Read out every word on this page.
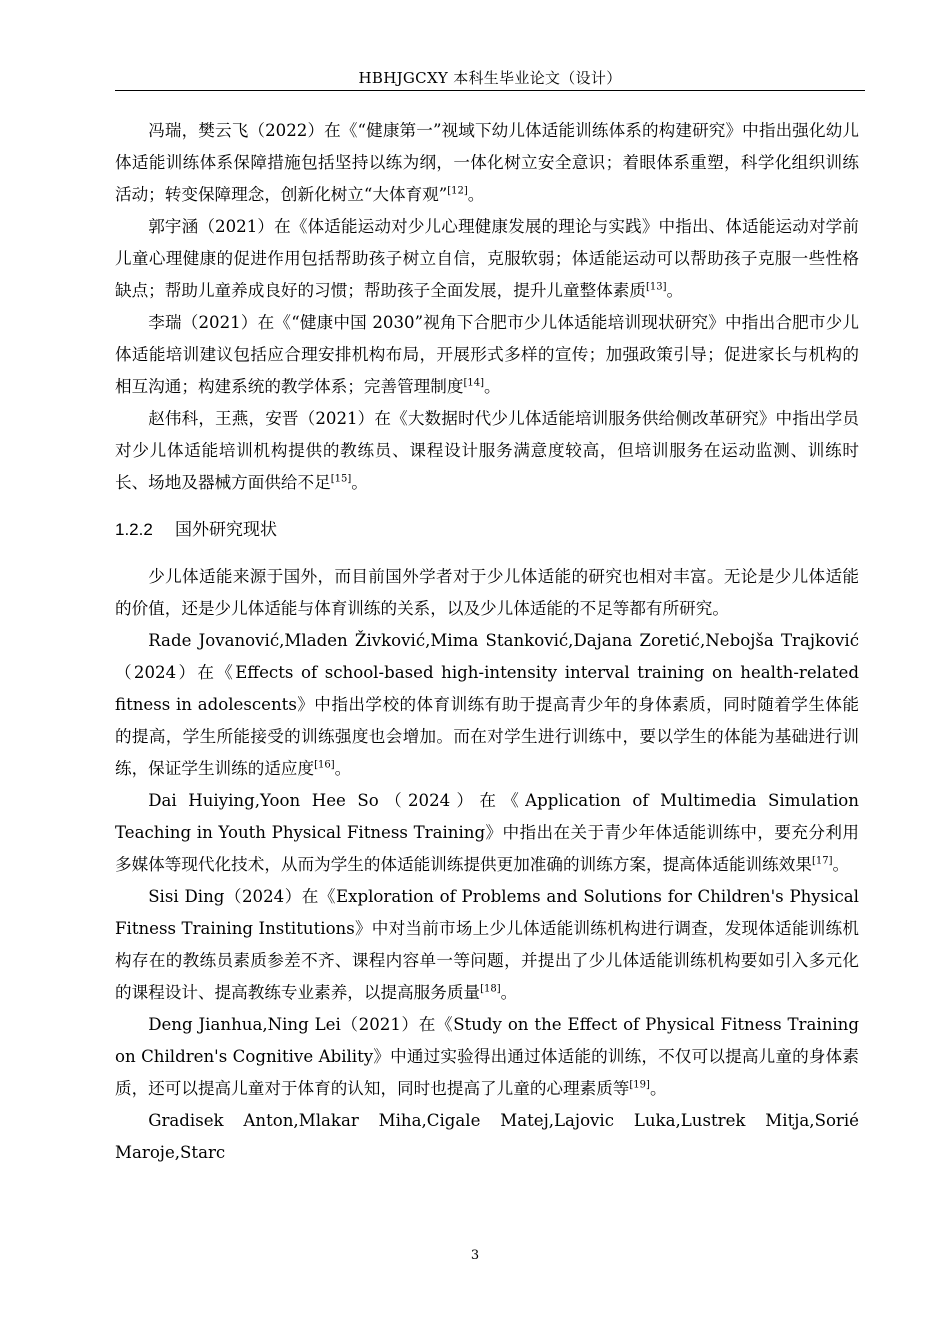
HBHJGCXY 本科生毕业论文（设计）

冯瑞，樊云飞（2022）在《“健康第一”视域下幼儿体适能训练体系的构建研究》中指出强化幼儿体适能训练体系保障措施包括坚持以练为纲，一体化树立安全意识；着眼体系重塑，科学化组织训练活动；转变保障理念，创新化树立“大体育观”[12]。

郭宇涵（2021）在《体适能运动对少儿心理健康发展的理论与实践》中指出、体适能运动对学前儿童心理健康的促进作用包括帮助孩子树立自信，克服软弱；体适能运动可以帮助孩子克服一些性格缺点；帮助儿童养成良好的习惯；帮助孩子全面发展，提升儿童整体素质[13]。

李瑞（2021）在《“健康中国 2030”视角下合肥市少儿体适能培训现状研究》中指出合肥市少儿体适能培训建议包括应合理安排机构布局，开展形式多样的宣传；加强政策引导；促进家长与机构的相互沟通；构建系统的教学体系；完善管理制度[14]。

赵伟科，王燕，安晋（2021）在《大数据时代少儿体适能培训服务供给侧改革研究》中指出学员对少儿体适能培训机构提供的教练员、课程设计服务满意度较高，但培训服务在运动监测、训练时长、场地及器械方面供给不足[15]。

1.2.2 国外研究现状

少儿体适能来源于国外，而目前国外学者对于少儿体适能的研究也相对丰富。无论是少儿体适能的价值，还是少儿体适能与体育训练的关系，以及少儿体适能的不足等都有所研究。

Rade Jovanović,Mladen Živković,Mima Stanković,Dajana Zoretić,Nebojša Trajković（2024）在《Effects of school-based high-intensity interval training on health-related fitness in adolescents》中指出学校的体育训练有助于提高青少年的身体素质，同时随着学生体能的提高，学生所能接受的训练强度也会增加。而在对学生进行训练中，要以学生的体能为基础进行训练，保证学生训练的适应度[16]。

Dai Huiying,Yoon Hee So（2024）在《Application of Multimedia Simulation Teaching in Youth Physical Fitness Training》中指出在关于青少年体适能训练中，要充分利用多媒体等现代化技术，从而为学生的体适能训练提供更加准确的训练方案，提高体适能训练效果[17]。

Sisi Ding（2024）在《Exploration of Problems and Solutions for Children's Physical Fitness Training Institutions》中对当前市场上少儿体适能训练机构进行调查，发现体适能训练机构存在的教练员素质参差不齐、课程内容单一等问题，并提出了少儿体适能训练机构要如引入多元化的课程设计、提高教练专业素养，以提高服务质量[18]。

Deng Jianhua,Ning Lei（2021）在《Study on the Effect of Physical Fitness Training on Children's Cognitive Ability》中通过实验得出通过体适能的训练，不仅可以提高儿童的身体素质，还可以提高儿童对于体育的认知，同时也提高了儿童的心理素质等[19]。

Gradisek Anton,Mlakar Miha,Cigale Matej,Lajovic Luka,Lustrek Mitja,Sorié Maroje,Starc

3
